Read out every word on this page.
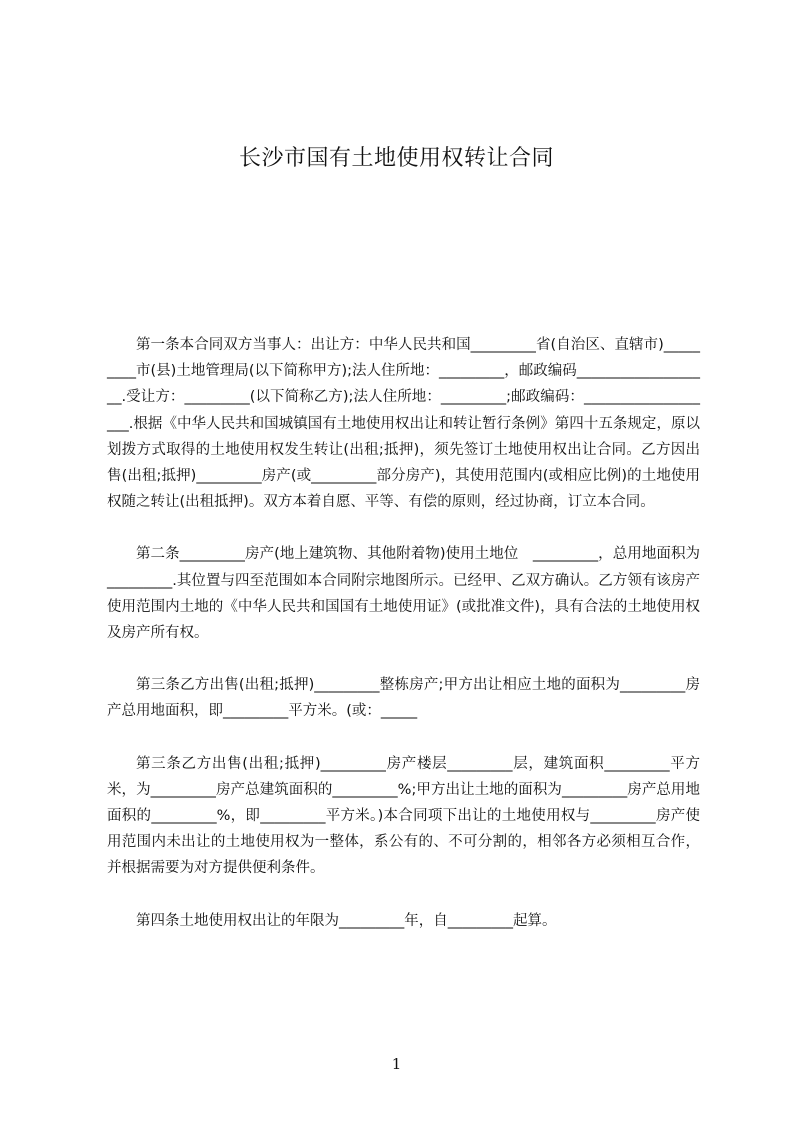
长沙市国有土地使用权转让合同

第一条本合同双方当事人：出让方：中华人民共和国_________省(自治区、直辖市)_________市(县)土地管理局(以下简称甲方);法人住所地：_________，邮政编码___________________.受让方：_________(以下简称乙方);法人住所地：_________;邮政编码：___________________.根据《中华人民共和国城镇国有土地使用权出让和转让暂行条例》第四十五条规定，原以划拨方式取得的土地使用权发生转让(出租;抵押)，须先签订土地使用权出让合同。乙方因出售(出租;抵押)_________房产(或_________部分房产)，其使用范围内(或相应比例)的土地使用权随之转让(出租抵押)。双方本着自愿、平等、有偿的原则，经过协商，订立本合同。

第二条_________房产(地上建筑物、其他附着物)使用土地位　_________，总用地面积为_________.其位置与四至范围如本合同附宗地图所示。已经甲、乙双方确认。乙方领有该房产使用范围内土地的《中华人民共和国国有土地使用证》(或批准文件)，具有合法的土地使用权及房产所有权。

第三条乙方出售(出租;抵押)_________整栋房产;甲方出让相应土地的面积为_________房产总用地面积，即_________平方米。(或：_____

第三条乙方出售(出租;抵押)_________房产楼层_________层，建筑面积_________平方米，为_________房产总建筑面积的_________%;甲方出让土地的面积为_________房产总用地面积的_________%，即_________平方米。)本合同项下出让的土地使用权与_________房产使用范围内未出让的土地使用权为一整体，系公有的、不可分割的，相邻各方必须相互合作，并根据需要为对方提供便利条件。

第四条土地使用权出让的年限为_________年，自_________起算。

1
